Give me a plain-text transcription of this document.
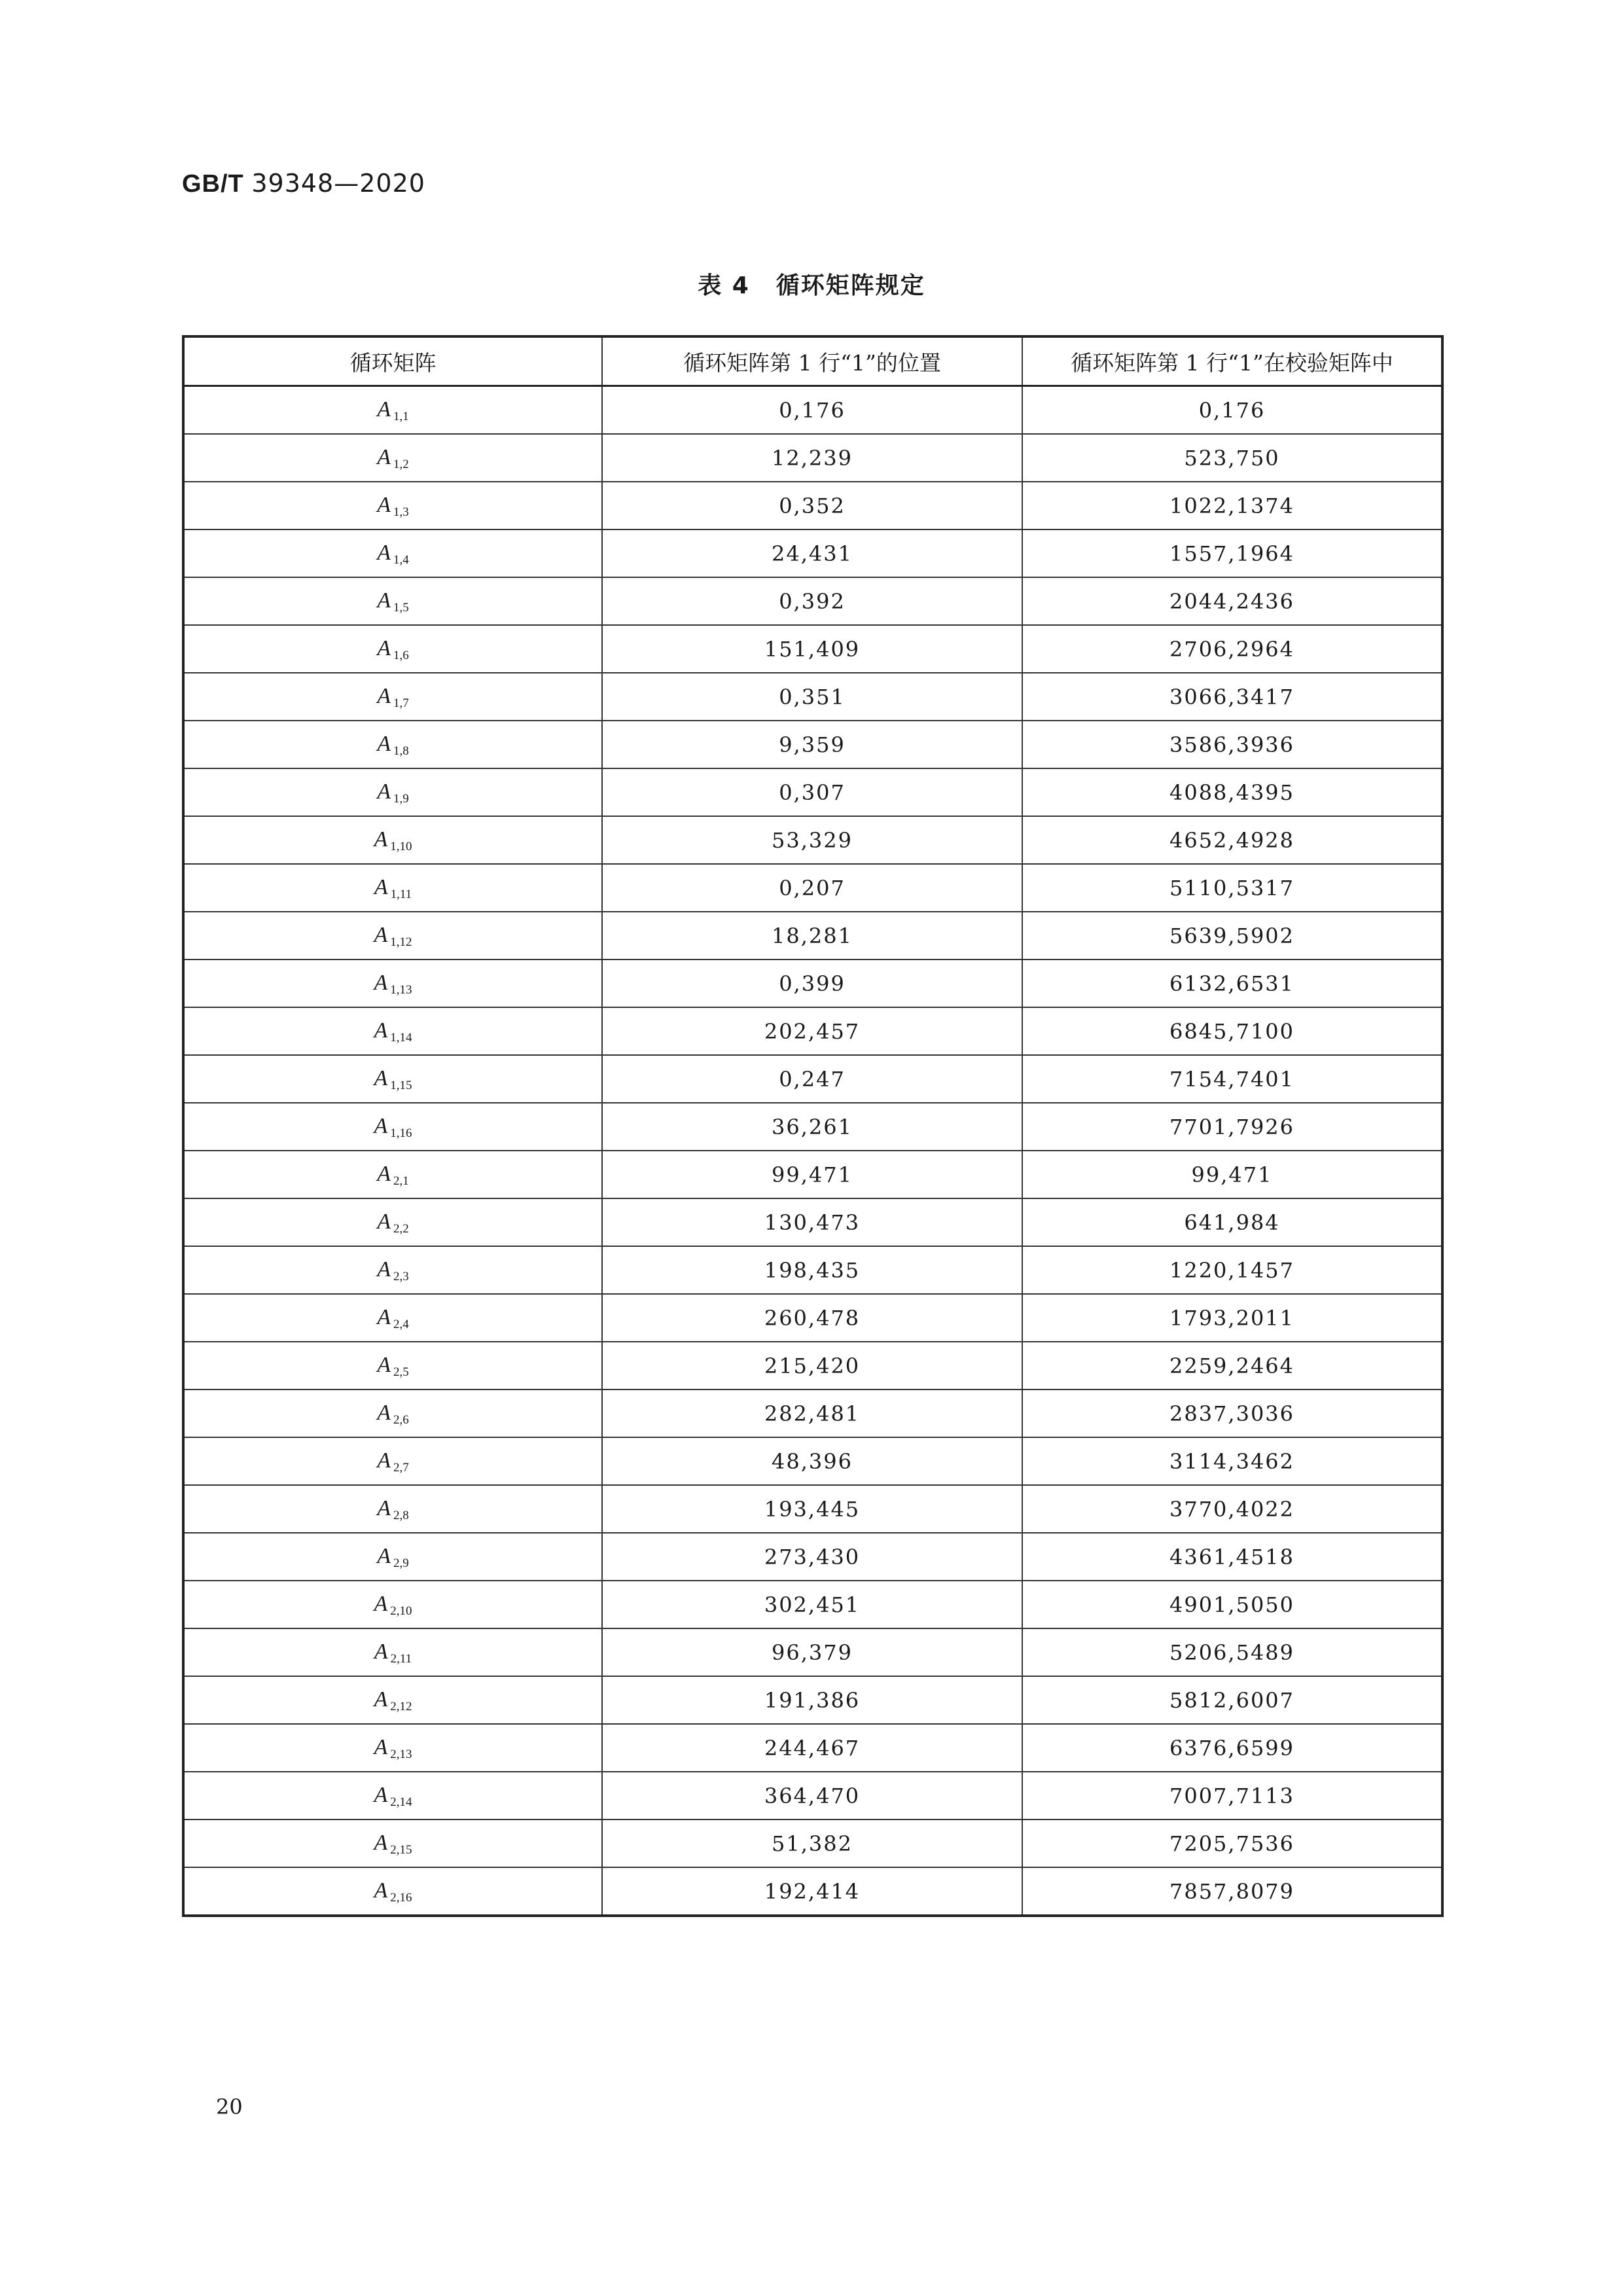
GB/T 39348—2020
表 4 循环矩阵规定
循环矩阵	循环矩阵第 1 行“1”的位置	循环矩阵第 1 行“1”在校验矩阵中
A $_{1,1}$	0,176	0,176
A $_{1,2}$	12,239	523,750
A $_{1,3}$	0,352	1022,1374
A $_{1,4}$	24,431	1557,1964
A $_{1,5}$	0,392	2044,2436
A $_{1,6}$	151,409	2706,2964
A $_{1,7}$	0,351	3066,3417
A $_{1,8}$	9,359	3586,3936
A $_{1,9}$	0,307	4088,4395
A $_{1,10}$	53,329	4652,4928
A $_{1,11}$	0,207	5110,5317
A $_{1,12}$	18,281	5639,5902
A $_{1,13}$	0,399	6132,6531
A $_{1,14}$	202,457	6845,7100
A $_{1,15}$	0,247	7154,7401
A $_{1,16}$	36,261	7701,7926
A $_{2,1}$	99,471	99,471
A $_{2,2}$	130,473	641,984
A $_{2,3}$	198,435	1220,1457
A $_{2,4}$	260,478	1793,2011
A $_{2,5}$	215,420	2259,2464
A $_{2,6}$	282,481	2837,3036
A $_{2,7}$	48,396	3114,3462
A $_{2,8}$	193,445	3770,4022
A $_{2,9}$	273,430	4361,4518
A $_{2,10}$	302,451	4901,5050
A $_{2,11}$	96,379	5206,5489
A $_{2,12}$	191,386	5812,6007
A $_{2,13}$	244,467	6376,6599
A $_{2,14}$	364,470	7007,7113
A $_{2,15}$	51,382	7205,7536
A $_{2,16}$	192,414	7857,8079
20
